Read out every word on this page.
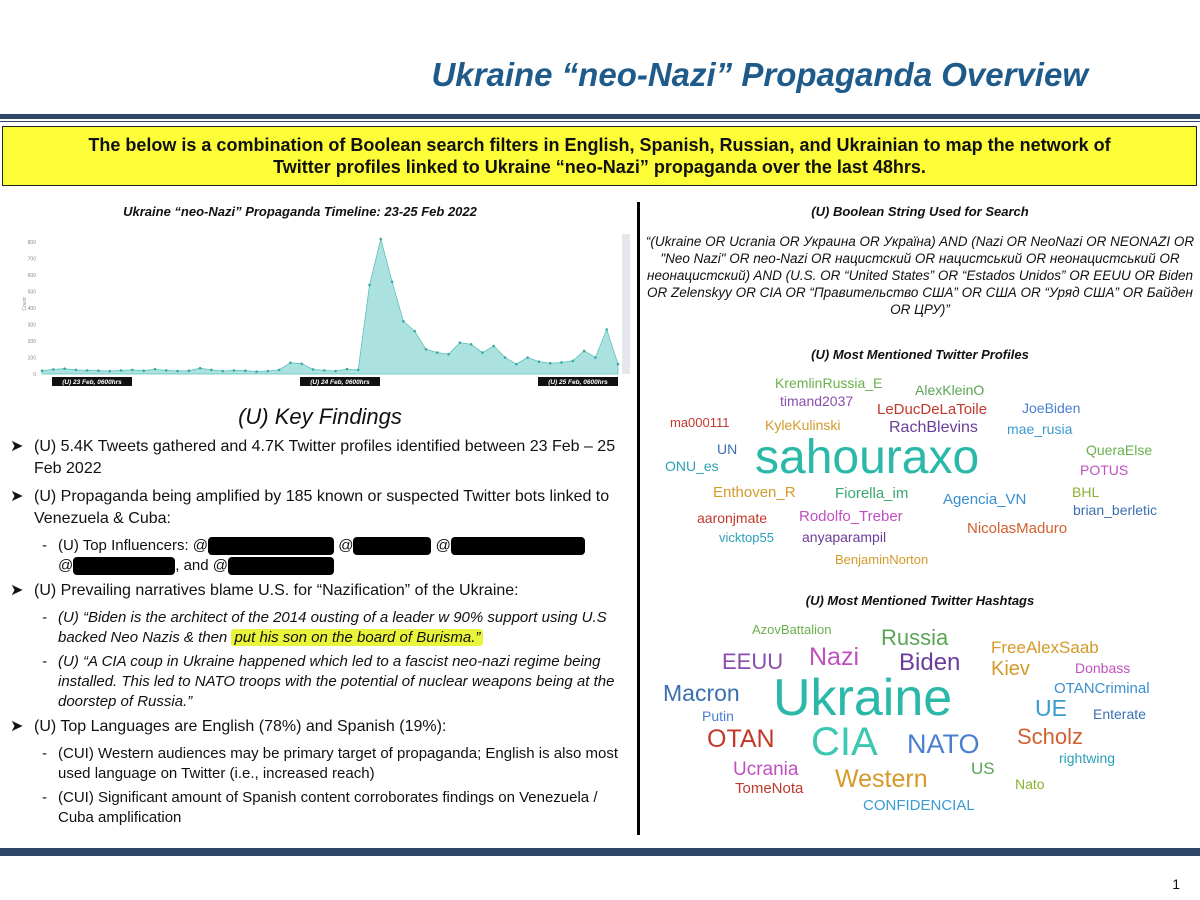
Ukraine “neo-Nazi” Propaganda Overview
The below is a combination of Boolean search filters in English, Spanish, Russian, and Ukrainian to map the network of
Twitter profiles linked to Ukraine “neo-Nazi” propaganda over the last 48hrs.
Ukraine “neo-Nazi” Propaganda Timeline: 23-25 Feb 2022
0
100
200
300
400
500
600
700
800
Count
(U) 23 Feb, 0600hrs	(U) 24 Feb, 0600hrs	(U) 25 Feb, 0600hrs
(U) Key Findings
➤ (U) 5.4K Tweets gathered and 4.7K Twitter profiles identified between 23 Feb – 25 Feb 2022
➤ (U) Propaganda being amplified by 185 known or suspected Twitter bots linked to Venezuela & Cuba:
- (U) Top Influencers: @	@	@
@	, and @
➤ (U) Prevailing narratives blame U.S. for “Nazification” of the Ukraine:
- (U) “Biden is the architect of the 2014 ousting of a leader w 90% support using U.S backed Neo Nazis & then put his son on the board of Burisma.”
- (U) “A CIA coup in Ukraine happened which led to a fascist neo-nazi regime being installed. This led to NATO troops with the potential of nuclear weapons being at the doorstep of Russia.”
➤ (U) Top Languages are English (78%) and Spanish (19%):
- (CUI) Western audiences may be primary target of propaganda; English is also most used language on Twitter (i.e., increased reach)
- (CUI) Significant amount of Spanish content corroborates findings on Venezuela / Cuba amplification
(U) Boolean String Used for Search
“(Ukraine OR Ucrania OR Украина OR Україна) AND (Nazi OR NeoNazi OR NEONAZI OR "Neo Nazi" OR neo-Nazi OR нацистский OR нацистський OR неонацистський OR неонацистский) AND (U.S. OR “United States” OR “Estados Unidos” OR EEUU OR Biden OR Zelenskyy OR CIA OR “Правительство США” OR США OR “Уряд США” OR Байден OR ЦРУ)”
(U) Most Mentioned Twitter Profiles
KremlinRussia_E AlexKleinO
timand2037 LeDucDeLaToile JoeBiden
ma000111	KyleKulinski	RachBlevins mae_rusia
UN sahouraxo	QueraElse
ONU_es	POTUS
Enthoven_R	Fiorella_im Agencia_VN	BHL
brian_berletic
aaronjmate Rodolfo_Treber
NicolasMaduro
vicktop55 anyaparampil
BenjaminNorton
(U) Most Mentioned Twitter Hashtags
AzovBattalion Russia	FreeAlexSaab
EEUU Nazi Biden Kiev	Donbass
Macron Ukraine	OTANCriminal
Putin	UE Enterate
OTAN CIA NATO Scholz
rightwing
Ucrania	US
Western
TomeNota	Nato
CONFIDENCIAL
1
